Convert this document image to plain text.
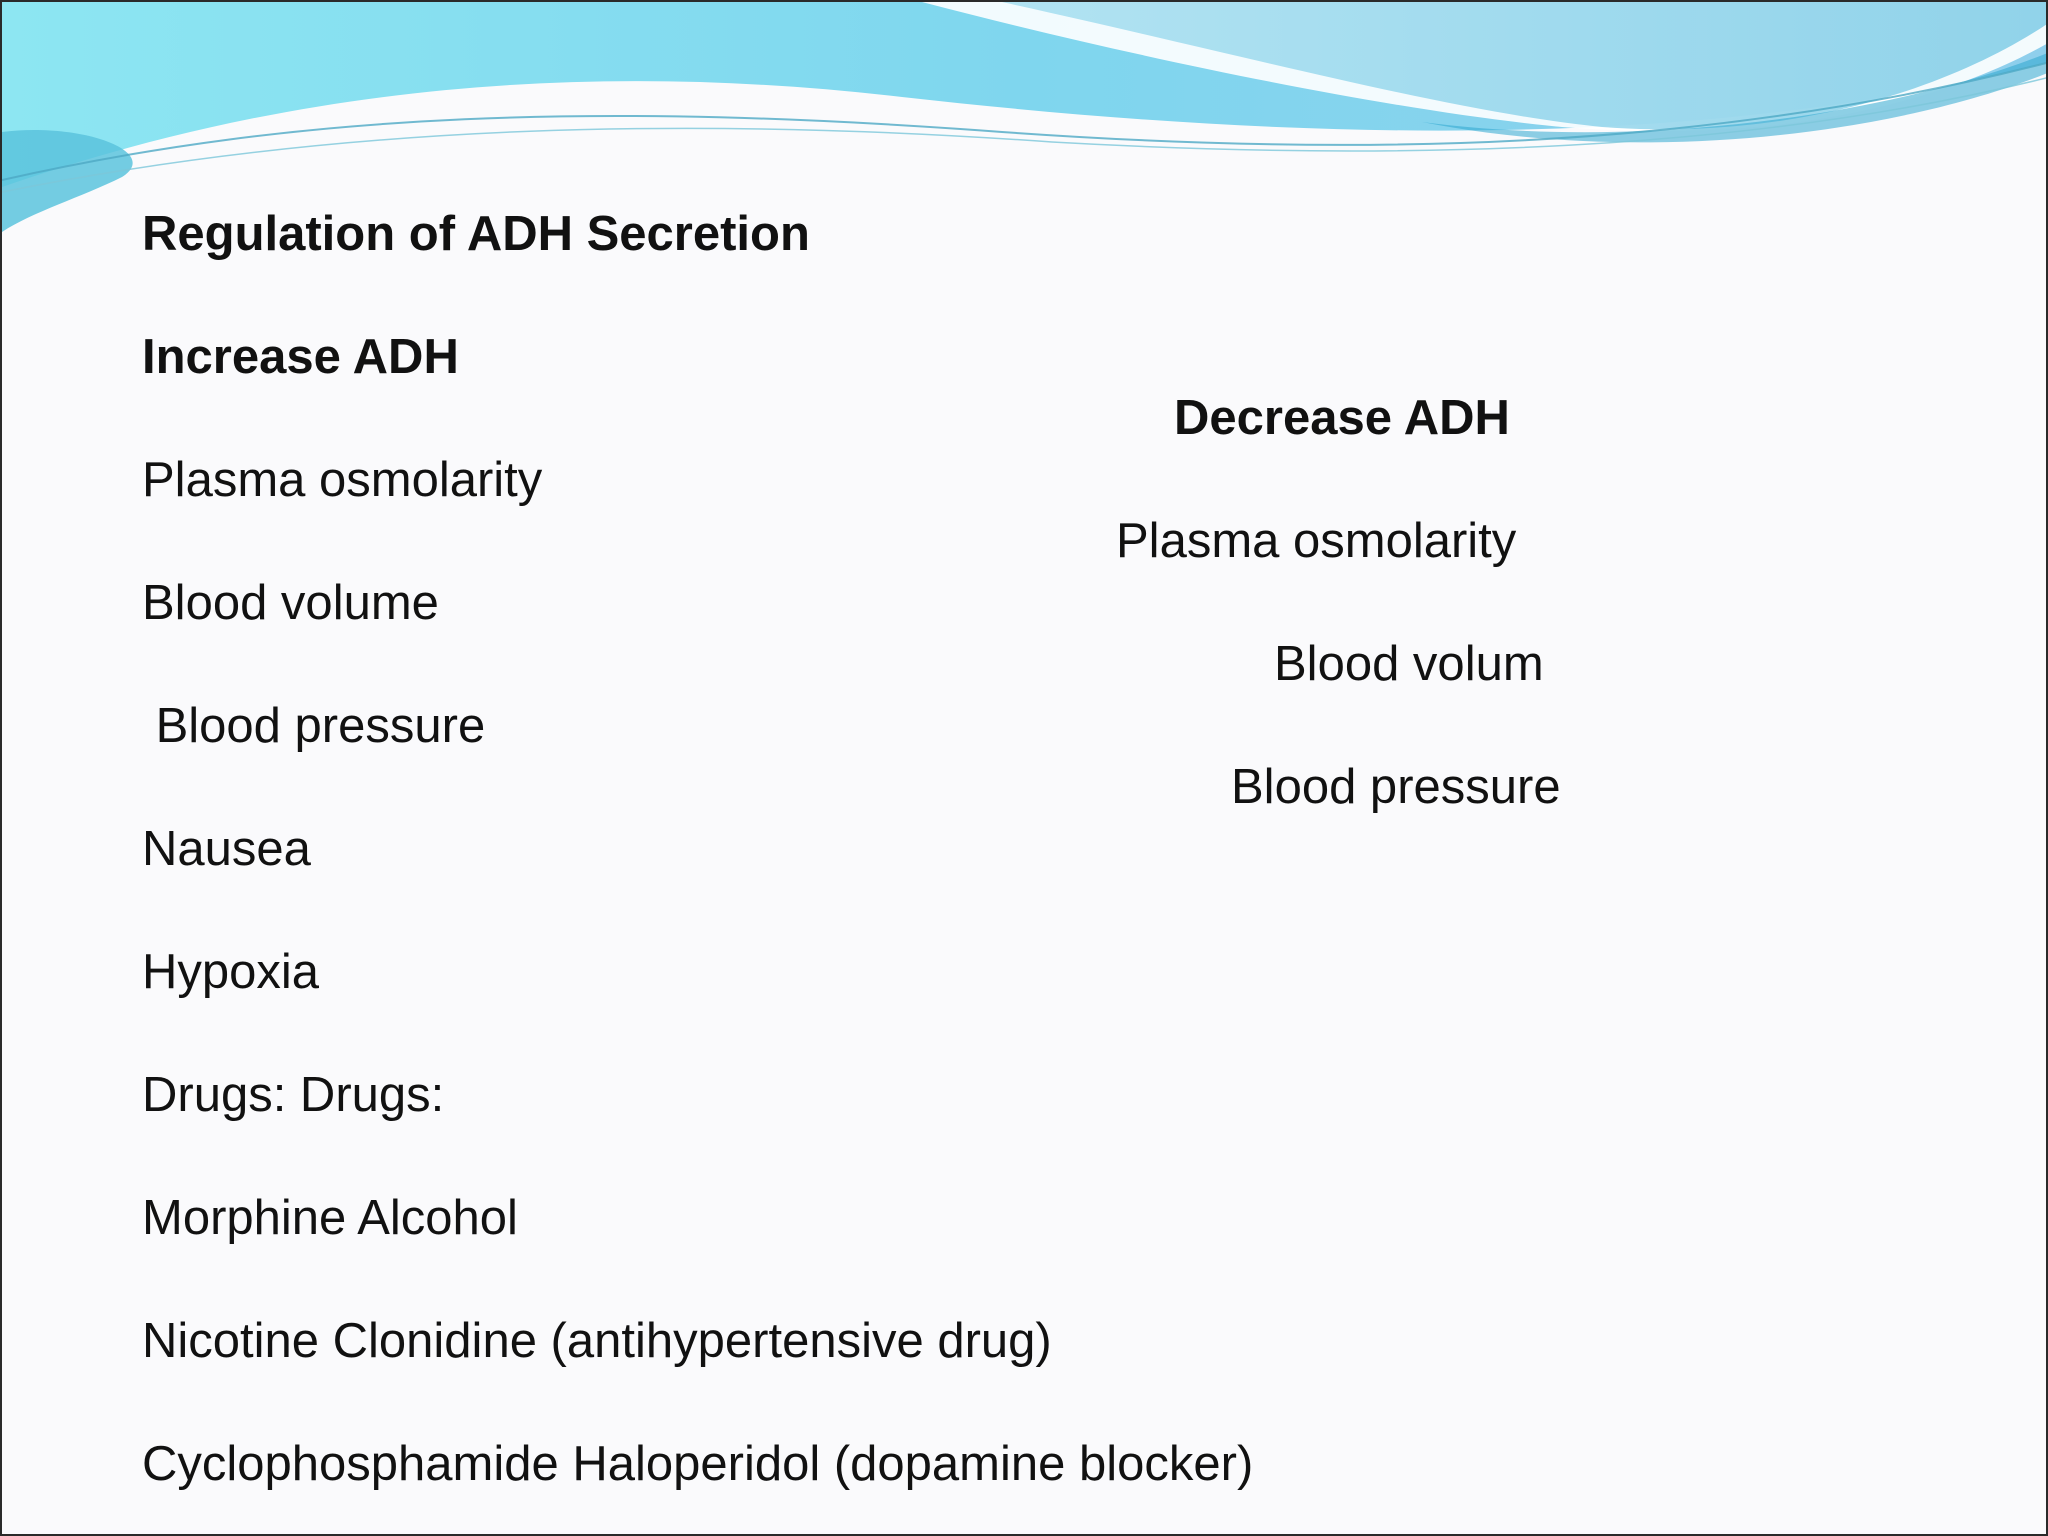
Regulation of ADH Secretion

Increase ADH

Decrease ADH

Plasma osmolarity

Plasma osmolarity

Blood volume

Blood volum

Blood pressure

Blood pressure

Nausea

Hypoxia

Drugs: Drugs:

Morphine Alcohol

Nicotine Clonidine (antihypertensive drug)

Cyclophosphamide Haloperidol (dopamine blocker)
